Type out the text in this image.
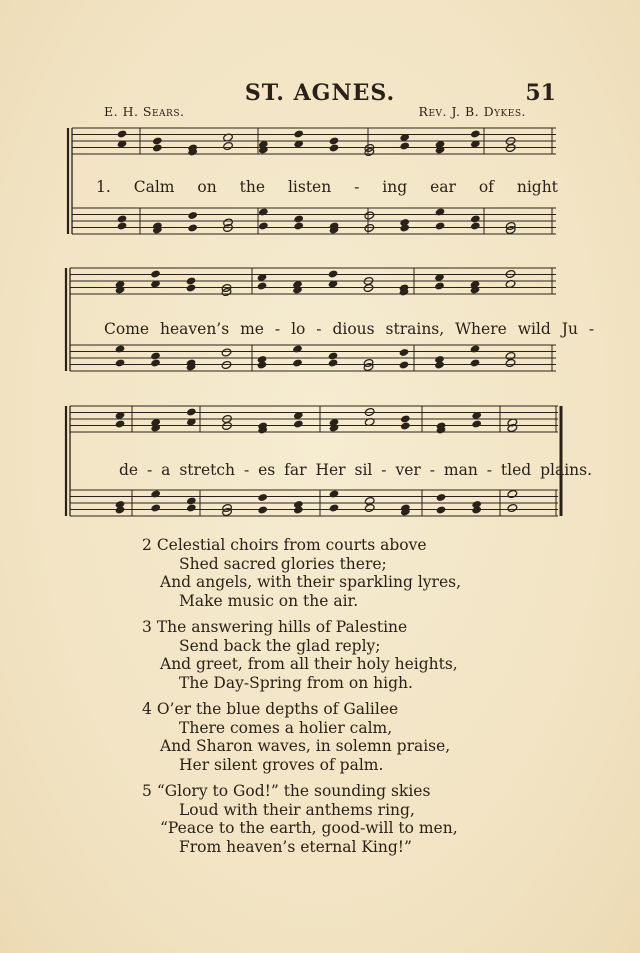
ST. AGNES.	51
E. H. Sears.	Rev. J. B. Dykes.
1. Calm on the listen - ing ear of night
Come heaven’s me - lo - dious strains, Where wild Ju -
de - a stretch - es far Her sil - ver - man - tled plains.
2 Celestial choirs from courts above
Shed sacred glories there;
And angels, with their sparkling lyres,
Make music on the air.
3 The answering hills of Palestine
Send back the glad reply;
And greet, from all their holy heights,
The Day-Spring from on high.
4 O’er the blue depths of Galilee
There comes a holier calm,
And Sharon waves, in solemn praise,
Her silent groves of palm.
5 “Glory to God!” the sounding skies
Loud with their anthems ring,
“Peace to the earth, good-will to men,
From heaven’s eternal King!”
